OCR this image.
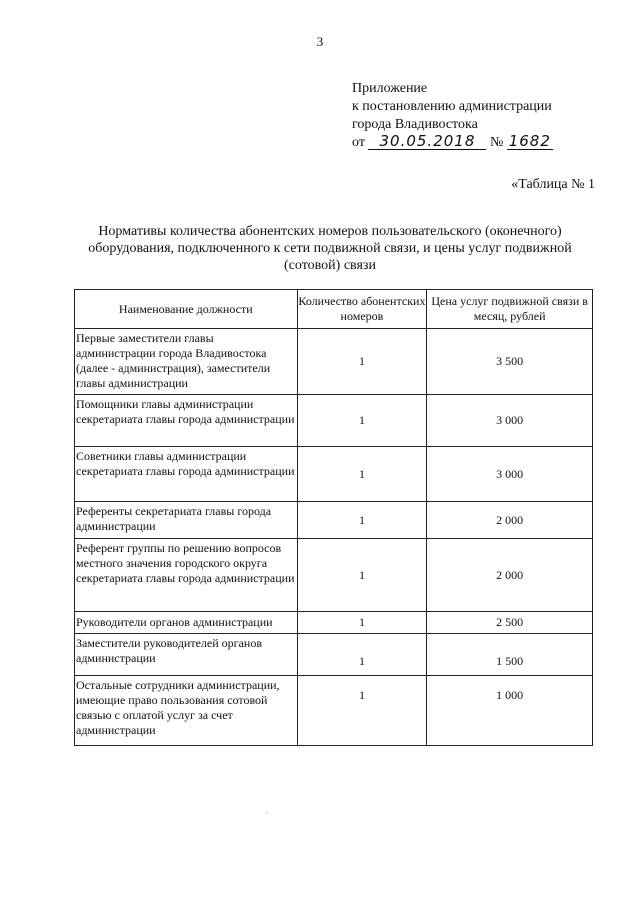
3
Приложение
к постановлению администрации
города Владивостока
от 30.05.2018 № 1682
«Таблица № 1
Нормативы количества абонентских номеров пользовательского (оконечного) оборудования, подключенного к сети подвижной связи, и цены услуг подвижной (сотовой) связи
Наименование должности	Количество абонентских номеров	Цена услуг подвижной связи в месяц, рублей
Первые заместители главы администрации города Владивостока (далее - администрация), заместители главы администрации	1	3 500
Помощники главы администрации секретариата главы города администрации	1	3 000
Советники главы администрации секретариата главы города администрации	1	3 000
Референты секретариата главы города администрации	1	2 000
Референт группы по решению вопросов местного значения городского округа секретариата главы города администрации	1	2 000
Руководители органов администрации	1	2 500
Заместители руководителей органов администрации	1	1 500
Остальные сотрудники администрации, имеющие право пользования сотовой связью с оплатой услуг за счет администрации	1	1 000
